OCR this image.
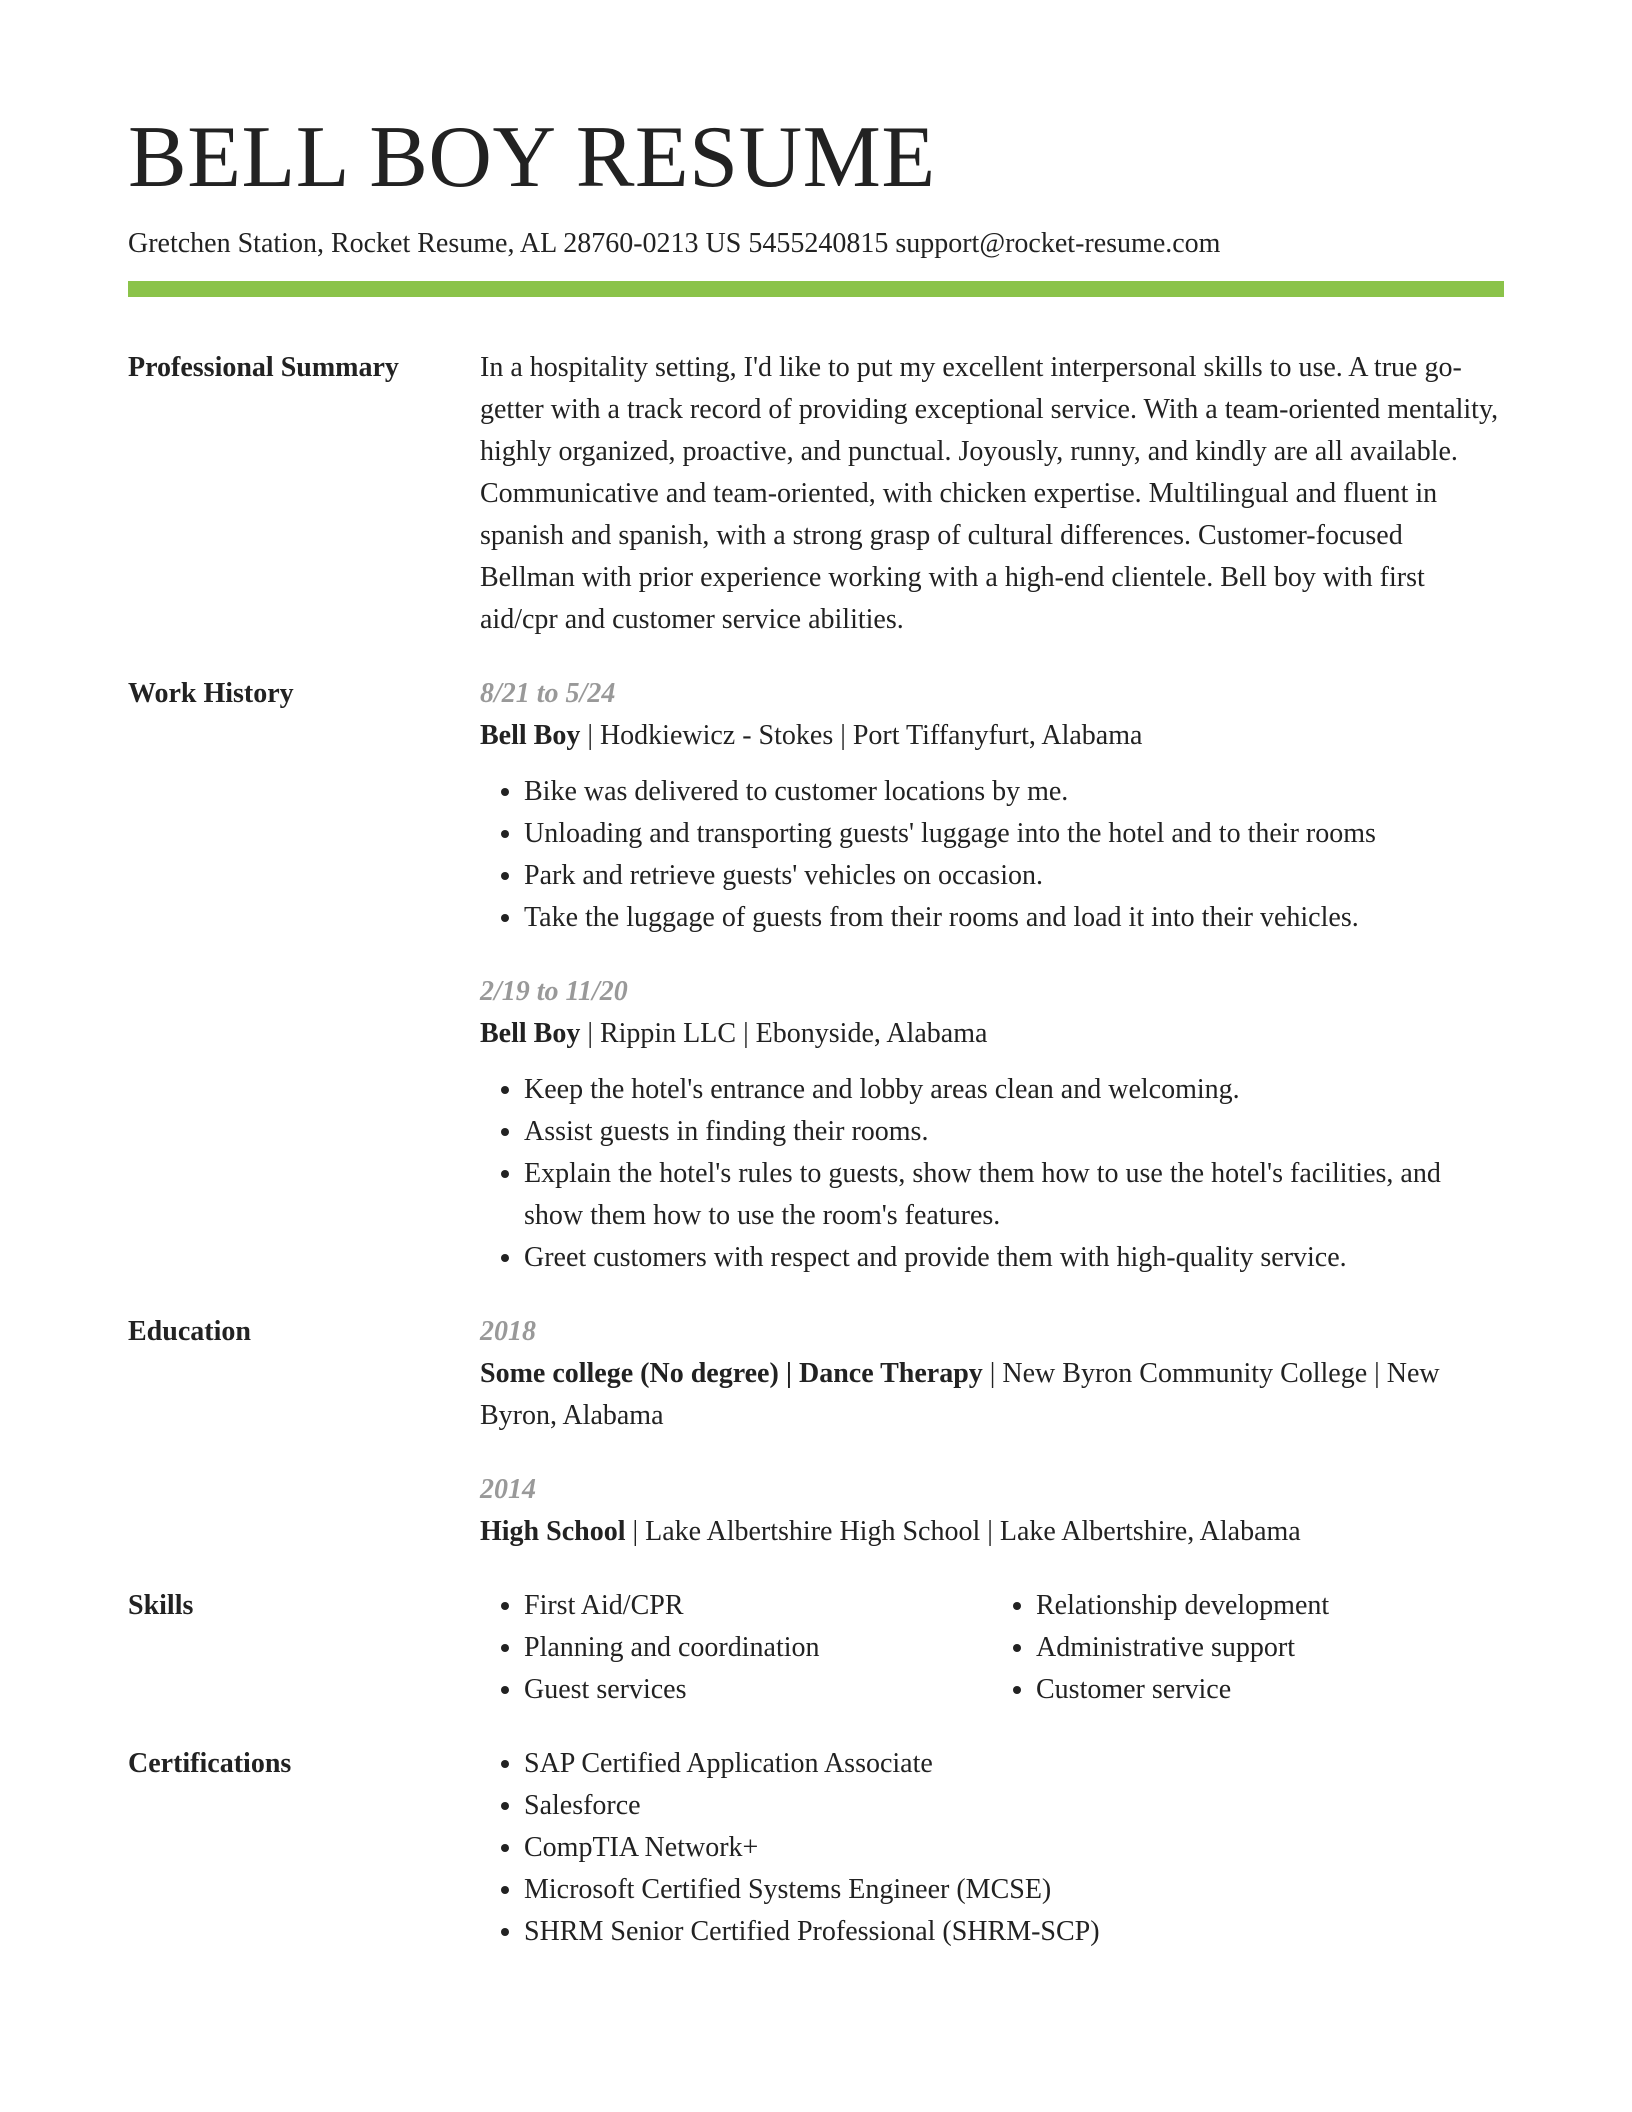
BELL BOY RESUME
Gretchen Station, Rocket Resume, AL 28760-0213 US 5455240815 support@rocket-resume.com
Professional Summary	In a hospitality setting, I'd like to put my excellent interpersonal skills to use. A true go-getter with a track record of providing exceptional service. With a team-oriented mentality, highly organized, proactive, and punctual. Joyously, runny, and kindly are all available. Communicative and team-oriented, with chicken expertise. Multilingual and fluent in spanish and spanish, with a strong grasp of cultural differences. Customer-focused Bellman with prior experience working with a high-end clientele. Bell boy with first aid/cpr and customer service abilities.
Work History	8/21 to 5/24
Bell Boy | Hodkiewicz - Stokes | Port Tiffanyfurt, Alabama
• Bike was delivered to customer locations by me.
• Unloading and transporting guests' luggage into the hotel and to their rooms
• Park and retrieve guests' vehicles on occasion.
• Take the luggage of guests from their rooms and load it into their vehicles.
2/19 to 11/20
Bell Boy | Rippin LLC | Ebonyside, Alabama
• Keep the hotel's entrance and lobby areas clean and welcoming.
• Assist guests in finding their rooms.
• Explain the hotel's rules to guests, show them how to use the hotel's facilities, and show them how to use the room's features.
• Greet customers with respect and provide them with high-quality service.
Education	2018
Some college (No degree) | Dance Therapy | New Byron Community College | New Byron, Alabama
2014
High School | Lake Albertshire High School | Lake Albertshire, Alabama
Skills	• First Aid/CPR
• Planning and coordination
• Guest services
• Relationship development
• Administrative support
• Customer service
Certifications	• SAP Certified Application Associate
• Salesforce
• CompTIA Network+
• Microsoft Certified Systems Engineer (MCSE)
• SHRM Senior Certified Professional (SHRM-SCP)
